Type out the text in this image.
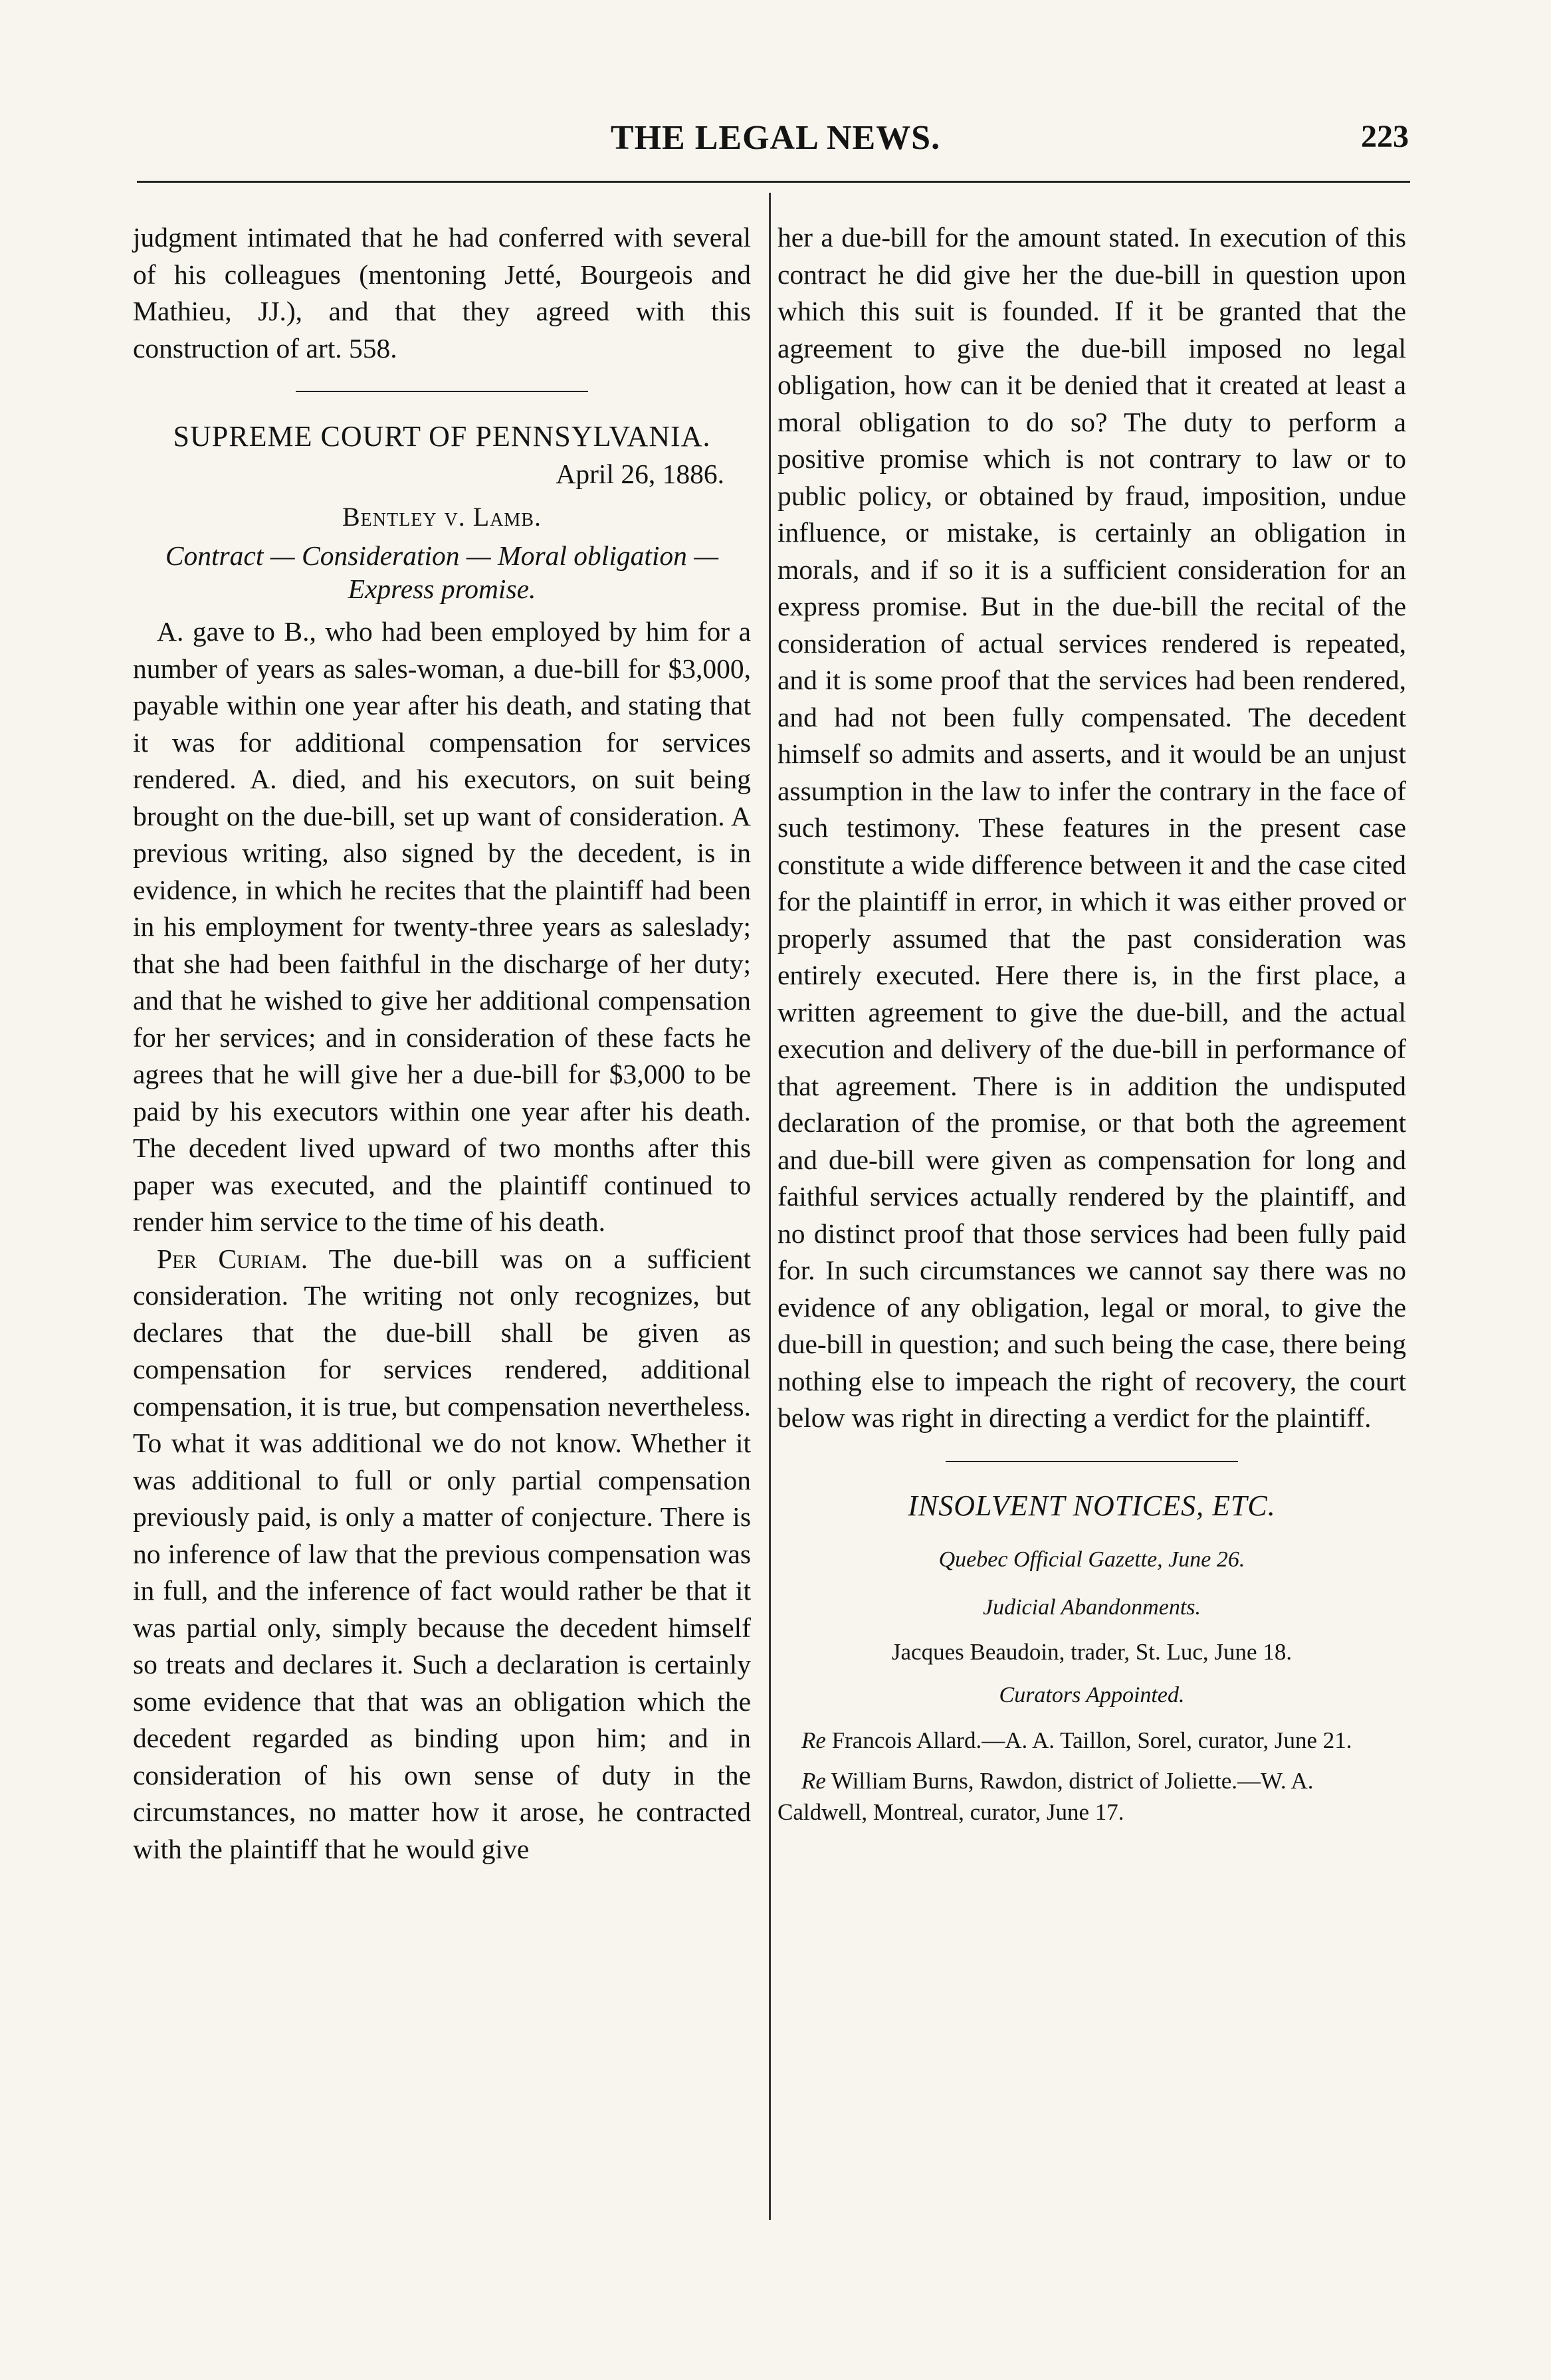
THE LEGAL NEWS.	223

judgment intimated that he had conferred with several of his colleagues (mentoning Jetté, Bourgeois and Mathieu, JJ.), and that they agreed with this construction of art. 558.

SUPREME COURT OF PENNSYLVANIA.

April 26, 1886.

Bentley v. Lamb.

Contract — Consideration — Moral obligation — Express promise.

A. gave to B., who had been employed by him for a number of years as sales-woman, a due-bill for $3,000, payable within one year after his death, and stating that it was for additional compensation for services rendered. A. died, and his executors, on suit being brought on the due-bill, set up want of consideration. A previous writing, also signed by the decedent, is in evidence, in which he recites that the plaintiff had been in his employment for twenty-three years as saleslady; that she had been faithful in the discharge of her duty; and that he wished to give her additional compensation for her services; and in consideration of these facts he agrees that he will give her a due-bill for $3,000 to be paid by his executors within one year after his death. The decedent lived upward of two months after this paper was executed, and the plaintiff continued to render him service to the time of his death.

Per Curiam. The due-bill was on a sufficient consideration. The writing not only recognizes, but declares that the due-bill shall be given as compensation for services rendered, additional compensation, it is true, but compensation nevertheless. To what it was additional we do not know. Whether it was additional to full or only partial compensation previously paid, is only a matter of conjecture. There is no inference of law that the previous compensation was in full, and the inference of fact would rather be that it was partial only, simply because the decedent himself so treats and declares it. Such a declaration is certainly some evidence that that was an obligation which the decedent regarded as binding upon him; and in consideration of his own sense of duty in the circumstances, no matter how it arose, he contracted with the plaintiff that he would give

her a due-bill for the amount stated. In execution of this contract he did give her the due-bill in question upon which this suit is founded. If it be granted that the agreement to give the due-bill imposed no legal obligation, how can it be denied that it created at least a moral obligation to do so? The duty to perform a positive promise which is not contrary to law or to public policy, or obtained by fraud, imposition, undue influence, or mistake, is certainly an obligation in morals, and if so it is a sufficient consideration for an express promise. But in the due-bill the recital of the consideration of actual services rendered is repeated, and it is some proof that the services had been rendered, and had not been fully compensated. The decedent himself so admits and asserts, and it would be an unjust assumption in the law to infer the contrary in the face of such testimony. These features in the present case constitute a wide difference between it and the case cited for the plaintiff in error, in which it was either proved or properly assumed that the past consideration was entirely executed. Here there is, in the first place, a written agreement to give the due-bill, and the actual execution and delivery of the due-bill in performance of that agreement. There is in addition the undisputed declaration of the promise, or that both the agreement and due-bill were given as compensation for long and faithful services actually rendered by the plaintiff, and no distinct proof that those services had been fully paid for. In such circumstances we cannot say there was no evidence of any obligation, legal or moral, to give the due-bill in question; and such being the case, there being nothing else to impeach the right of recovery, the court below was right in directing a verdict for the plaintiff.

INSOLVENT NOTICES, ETC.

Quebec Official Gazette, June 26.

Judicial Abandonments.

Jacques Beaudoin, trader, St. Luc, June 18.

Curators Appointed.

Re Francois Allard.—A. A. Taillon, Sorel, curator, June 21.

Re William Burns, Rawdon, district of Joliette.—W. A. Caldwell, Montreal, curator, June 17.
